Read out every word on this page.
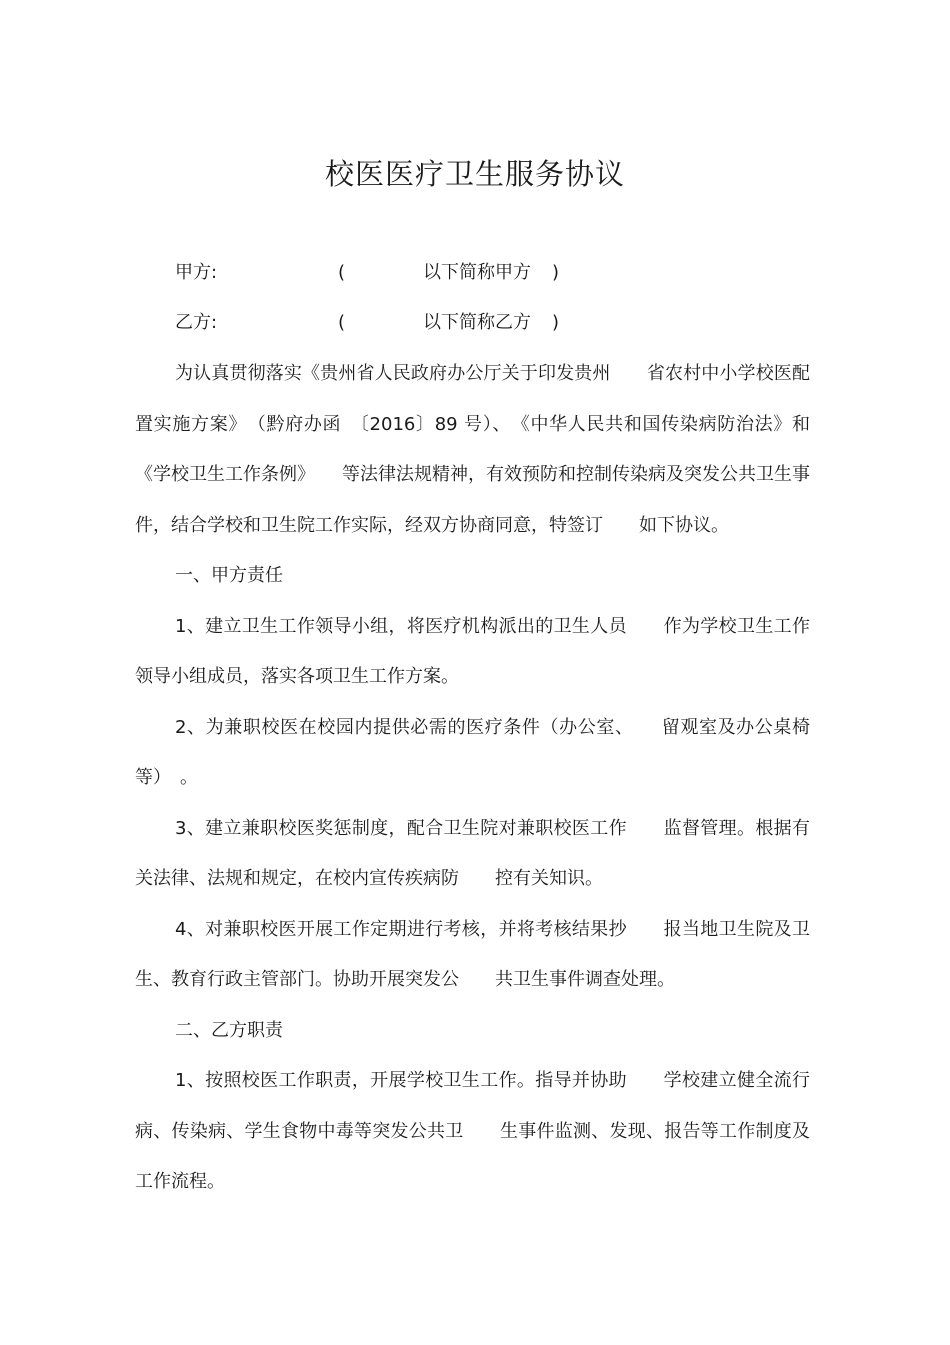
校医医疗卫生服务协议
甲方:	(	以下简称甲方 )
乙方:	(	以下简称乙方 )

为认真贯彻落实《贵州省人民政府办公厅关于印发贵州　　省农村中小学校医配置实施方案》　（黔府办函　〔2016〕89 号）、　《中华人民共和国传染病防治法》和《学校卫生工作条例》　　等法律法规精神，有效预防和控制传染病及突发公共卫生事　件，结合学校和卫生院工作实际，经双方协商同意，特签订　　如下协议。

一、甲方责任

1、建立卫生工作领导小组，将医疗机构派出的卫生人员　　作为学校卫生工作领导小组成员，落实各项卫生工作方案。

2、为兼职校医在校园内提供必需的医疗条件（办公室、　　留观室及办公桌椅等）　。

3、建立兼职校医奖惩制度，配合卫生院对兼职校医工作　　监督管理。根据有关法律、法规和规定，在校内宣传疾病防　　控有关知识。

4、对兼职校医开展工作定期进行考核，并将考核结果抄　　报当地卫生院及卫生、教育行政主管部门。协助开展突发公　　共卫生事件调查处理。

二、乙方职责

1、按照校医工作职责，开展学校卫生工作。指导并协助　　学校建立健全流行病、传染病、学生食物中毒等突发公共卫　　生事件监测、发现、报告等工作制度及工作流程。
